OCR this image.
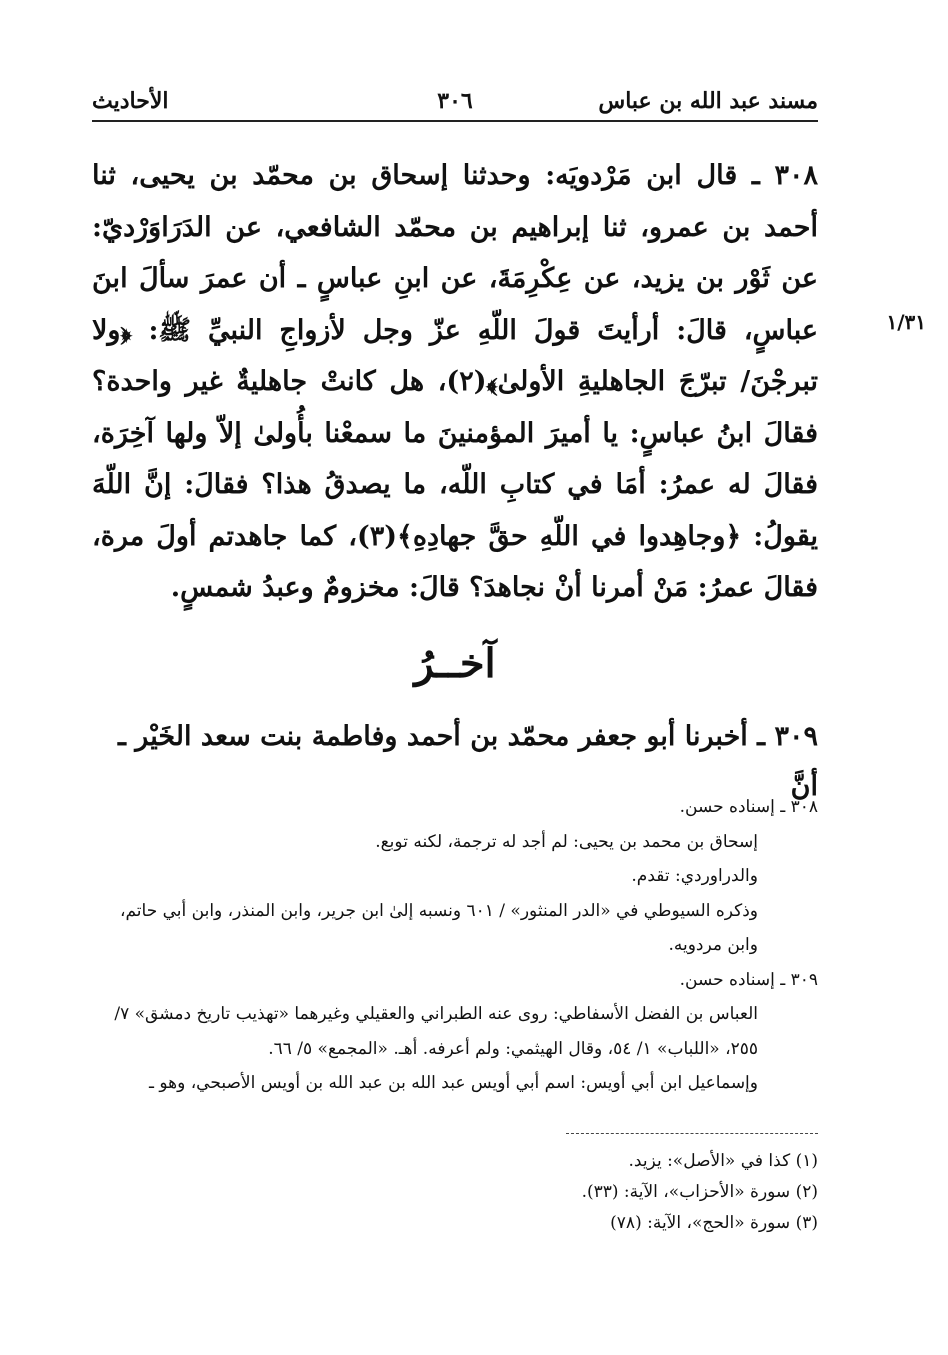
مسند عبد الله بن عباس
٣٠٦
الأحاديث
١/٣١

٣٠٨ ـ قال ابن مَرْدويَه: وحدثنا إسحاق بن محمّد بن يحيى، ثنا أحمد بن عمرو، ثنا إبراهيم بن محمّد الشافعي، عن الدَرَاوَرْديّ: عن ثَوْر بن يزيد، عن عِكْرِمَةَ، عن ابنِ عباسٍ ـ أن عمرَ سألَ ابنَ عباسٍ، قالَ: أرأيتَ قولَ اللّهِ عزّ وجل لأزواجِ النبيِّ ﷺ: ﴿ولا تبرجْنَ/ تبرّجَ الجاهليةِ الأولىٰ﴾(٢)، هل كانتْ جاهليةٌ غير واحدة؟ فقالَ ابنُ عباسٍ: يا أميرَ المؤمنينَ ما سمعْنا بأُولىٰ إلاّ ولها آخِرَة، فقالَ له عمرُ: أمَا في كتابِ اللّه، ما يصدقُ هذا؟ فقالَ: إنَّ اللّهَ يقولُ: ﴿وجاهِدوا في اللّهِ حقَّ جهادِهِ﴾(٣)، كما جاهدتم أولَ مرة، فقالَ عمرُ: مَنْ أمرنا أنْ نجاهدَ؟ قالَ: مخزومٌ وعبدُ شمسٍ.

آخــرُ
٣٠٩ ـ أخبرنا أبو جعفر محمّد بن أحمد وفاطمة بنت سعد الخَيْر ـ أنَّ

٣٠٨ ـ إسناده حسن.

إسحاق بن محمد بن يحيى: لم أجد له ترجمة، لكنه توبع.

والدراوردي: تقدم.

وذكره السيوطي في «الدر المنثور» / ٦٠١ ونسبه إلىٰ ابن جرير، وابن المنذر، وابن أبي حاتم، وابن مردويه.

٣٠٩ ـ إسناده حسن.

العباس بن الفضل الأسفاطي: روى عنه الطبراني والعقيلي وغيرهما «تهذيب تاريخ دمشق» ٧/ ٢٥٥، «اللباب» ١/ ٥٤، وقال الهيثمي: ولم أعرفه. أهـ. «المجمع» ٥/ ٦٦.

وإسماعيل ابن أبي أويس: اسم أبي أويس عبد الله بن عبد الله بن أويس الأصبحي، وهو ـ

(١) كذا في «الأصل»: يزيد.

(٢) سورة «الأحزاب»، الآية: (٣٣).

(٣) سورة «الحج»، الآية: (٧٨)
